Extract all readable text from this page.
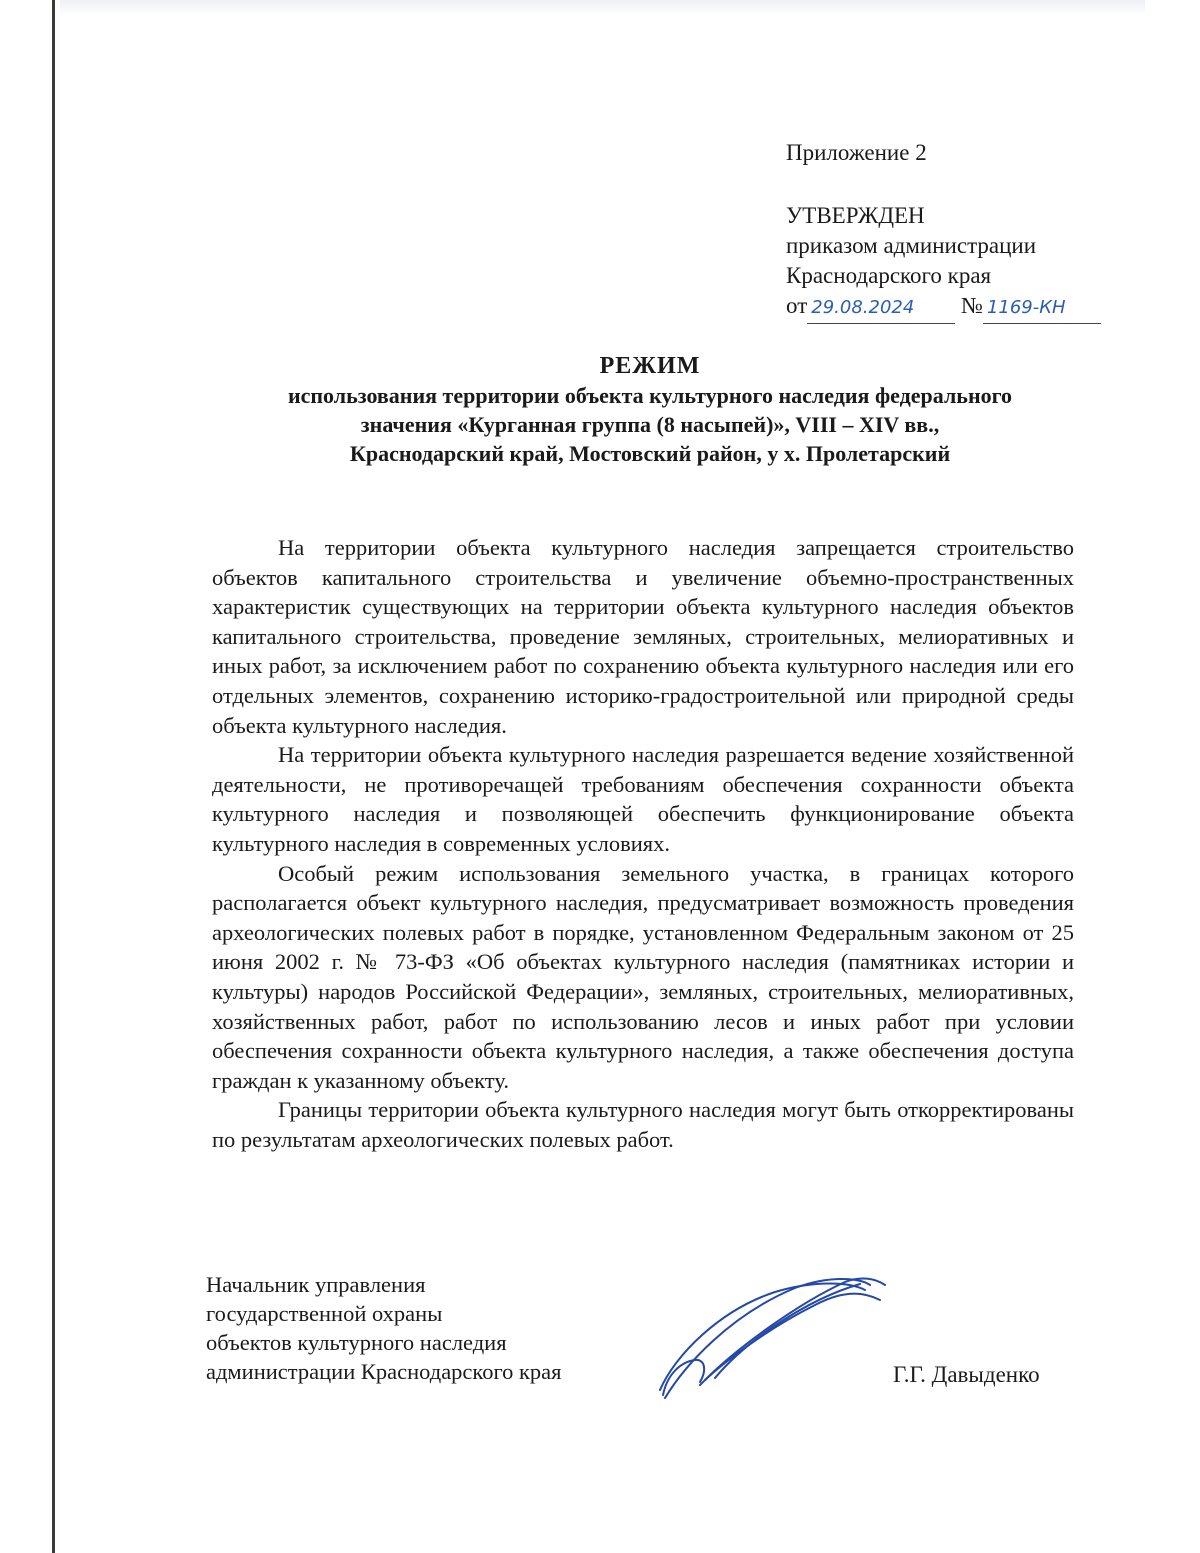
Приложение 2
УТВЕРЖДЕН
приказом администрации
Краснодарского края
от 29.08.2024 № 1169-КН
РЕЖИМ
использования территории объекта культурного наследия федерального
значения «Курганная группа (8 насыпей)», VIII – XIV вв.,
Краснодарский край, Мостовский район, у х. Пролетарский

На территории объекта культурного наследия запрещается строительство объектов капитального строительства и увеличение объемно-пространственных характеристик существующих на территории объекта культурного наследия объектов капитального строительства, проведение земляных, строительных, мелиоративных и иных работ, за исключением работ по сохранению объекта культурного наследия или его отдельных элементов, сохранению историко-градостроительной или природной среды объекта культурного наследия.

На территории объекта культурного наследия разрешается ведение хозяйственной деятельности, не противоречащей требованиям обеспечения сохранности объекта культурного наследия и позволяющей обеспечить функционирование объекта культурного наследия в современных условиях.

Особый режим использования земельного участка, в границах которого располагается объект культурного наследия, предусматривает возможность проведения археологических полевых работ в порядке, установленном Федеральным законом от 25 июня 2002 г. № 73-ФЗ «Об объектах культурного наследия (памятниках истории и культуры) народов Российской Федерации», земляных, строительных, мелиоративных, хозяйственных работ, работ по использованию лесов и иных работ при условии обеспечения сохранности объекта культурного наследия, а также обеспечения доступа граждан к указанному объекту.

Границы территории объекта культурного наследия могут быть откорректированы по результатам археологических полевых работ.

Начальник управления
государственной охраны
объектов культурного наследия
администрации Краснодарского края	Г.Г. Давыденко
